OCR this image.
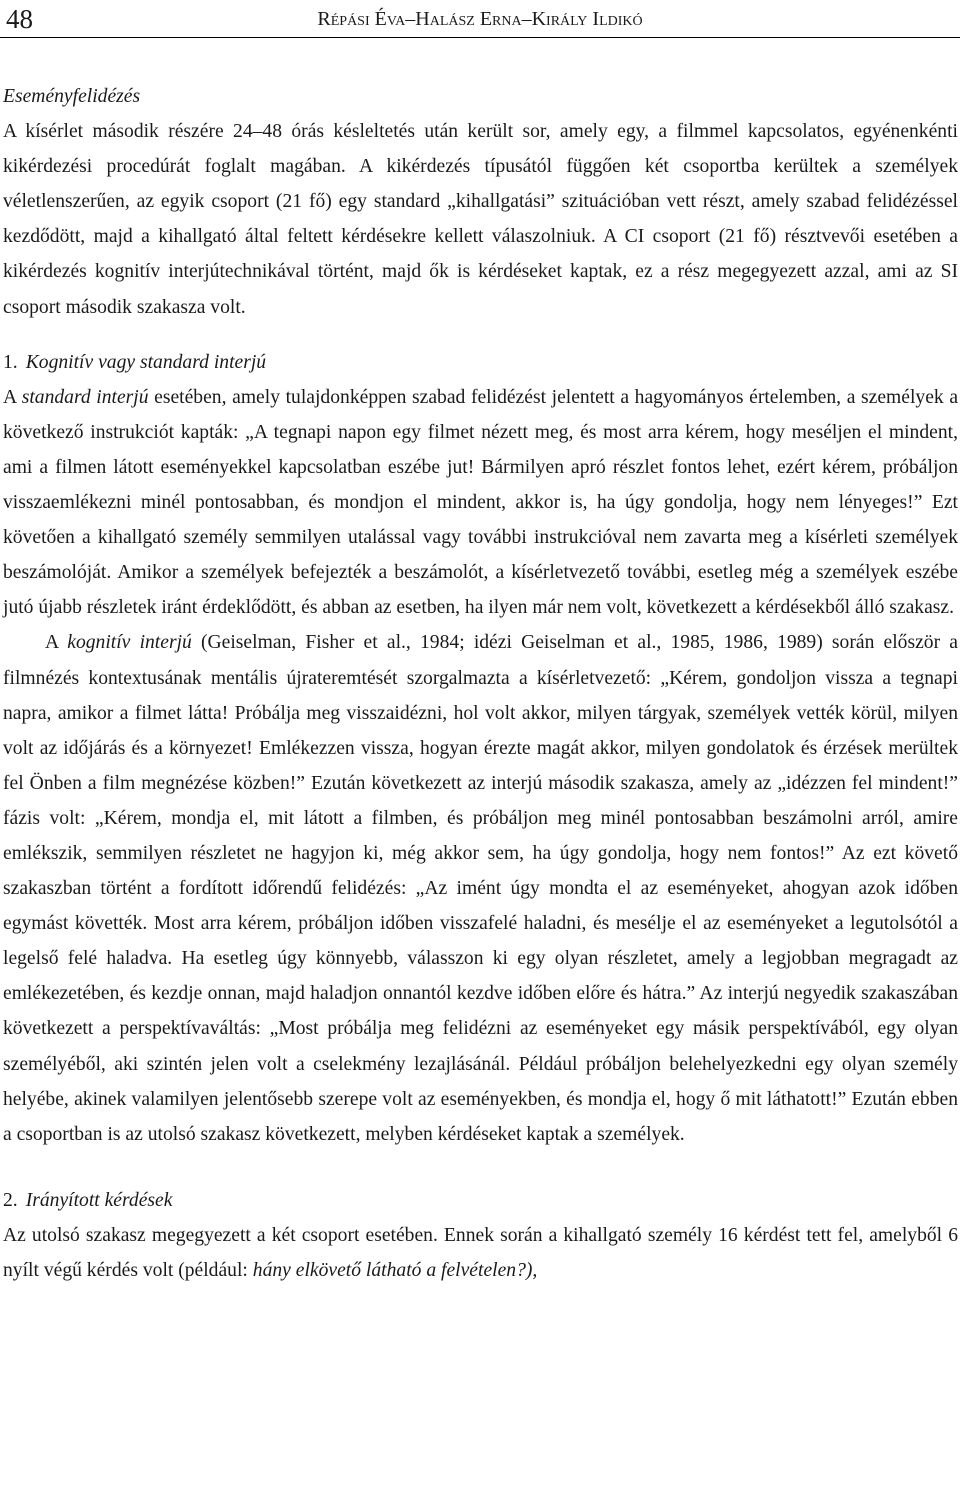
48	Répási Éva–Halász Erna–Király Ildikó
Eseményfelidézés

A kísérlet második részére 24–48 órás késleltetés után került sor, amely egy, a filmmel kapcsolatos, egyénenkénti kikérdezési procedúrát foglalt magában. A kikérdezés típusától függően két csoportba kerültek a személyek véletlenszerűen, az egyik csoport (21 fő) egy standard „kihallgatási” szituációban vett részt, amely szabad felidézéssel kezdődött, majd a kihallgató által feltett kérdésekre kellett válaszolniuk. A CI csoport (21 fő) résztvevői esetében a kikérdezés kognitív interjútechnikával történt, majd ők is kérdéseket kaptak, ez a rész megegyezett azzal, ami az SI csoport második szakasza volt.

1. Kognitív vagy standard interjú

A standard interjú esetében, amely tulajdonképpen szabad felidézést jelentett a hagyományos értelemben, a személyek a következő instrukciót kapták: „A tegnapi napon egy filmet nézett meg, és most arra kérem, hogy meséljen el mindent, ami a filmen látott eseményekkel kapcsolatban eszébe jut! Bármilyen apró részlet fontos lehet, ezért kérem, próbáljon visszaemlékezni minél pontosabban, és mondjon el mindent, akkor is, ha úgy gondolja, hogy nem lényeges!” Ezt követően a kihallgató személy semmilyen utalással vagy további instrukcióval nem zavarta meg a kísérleti személyek beszámolóját. Amikor a személyek befejezték a beszámolót, a kísérletvezető további, esetleg még a személyek eszébe jutó újabb részletek iránt érdeklődött, és abban az esetben, ha ilyen már nem volt, következett a kérdésekből álló szakasz.

A kognitív interjú (Geiselman, Fisher et al., 1984; idézi Geiselman et al., 1985, 1986, 1989) során először a filmnézés kontextusának mentális újrateremtését szorgalmazta a kísérletvezető: „Kérem, gondoljon vissza a tegnapi napra, amikor a filmet látta! Próbálja meg visszaidézni, hol volt akkor, milyen tárgyak, személyek vették körül, milyen volt az időjárás és a környezet! Emlékezzen vissza, hogyan érezte magát akkor, milyen gondolatok és érzések merültek fel Önben a film megnézése közben!” Ezután következett az interjú második szakasza, amely az „idézzen fel mindent!” fázis volt: „Kérem, mondja el, mit látott a filmben, és próbáljon meg minél pontosabban beszámolni arról, amire emlékszik, semmilyen részletet ne hagyjon ki, még akkor sem, ha úgy gondolja, hogy nem fontos!” Az ezt követő szakaszban történt a fordított időrendű felidézés: „Az imént úgy mondta el az eseményeket, ahogyan azok időben egymást követték. Most arra kérem, próbáljon időben visszafelé haladni, és mesélje el az eseményeket a legutolsótól a legelső felé haladva. Ha esetleg úgy könnyebb, válasszon ki egy olyan részletet, amely a legjobban megragadt az emlékezetében, és kezdje onnan, majd haladjon onnantól kezdve időben előre és hátra.” Az interjú negyedik szakaszában következett a perspektívaváltás: „Most próbálja meg felidézni az eseményeket egy másik perspektívából, egy olyan személyéből, aki szintén jelen volt a cselekmény lezajlásánál. Például próbáljon belehelyezkedni egy olyan személy helyébe, akinek valamilyen jelentősebb szerepe volt az eseményekben, és mondja el, hogy ő mit láthatott!” Ezután ebben a csoportban is az utolsó szakasz következett, melyben kérdéseket kaptak a személyek.

2. Irányított kérdések

Az utolsó szakasz megegyezett a két csoport esetében. Ennek során a kihallgató személy 16 kérdést tett fel, amelyből 6 nyílt végű kérdés volt (például: hány elkövető látható a felvételen?),
